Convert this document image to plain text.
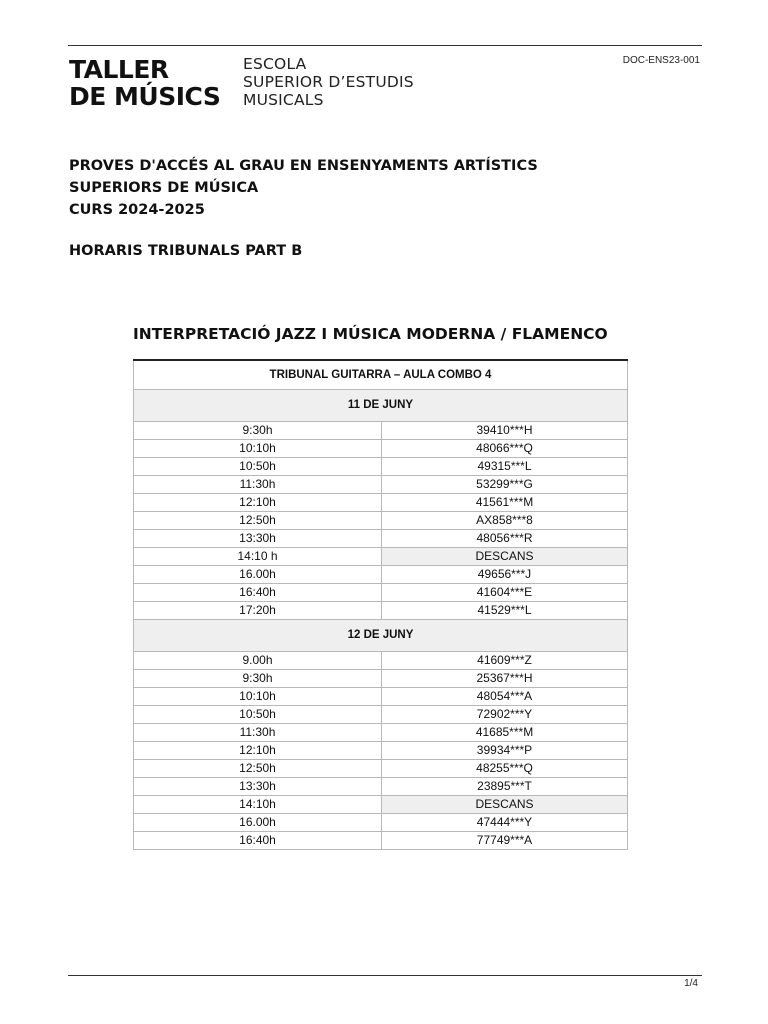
TALLER
DE MÚSICS
ESCOLA
SUPERIOR D’ESTUDIS
MUSICALS
DOC-ENS23-001
PROVES D'ACCÉS AL GRAU EN ENSENYAMENTS ARTÍSTICS
SUPERIORS DE MÚSICA
CURS 2024-2025
HORARIS TRIBUNALS PART B
INTERPRETACIÓ JAZZ I MÚSICA MODERNA / FLAMENCO
TRIBUNAL GUITARRA – AULA COMBO 4	
11 DE JUNY	
9:30h	39410***H
10:10h	48066***Q
10:50h	49315***L
11:30h	53299***G
12:10h	41561***M
12:50h	AX858***8
13:30h	48056***R
14:10 h	DESCANS
16.00h	49656***J
16:40h	41604***E
17:20h	41529***L
12 DE JUNY	
9.00h	41609***Z
9:30h	25367***H
10:10h	48054***A
10:50h	72902***Y
11:30h	41685***M
12:10h	39934***P
12:50h	48255***Q
13:30h	23895***T
14:10h	DESCANS
16.00h	47444***Y
16:40h	77749***A
1/4
